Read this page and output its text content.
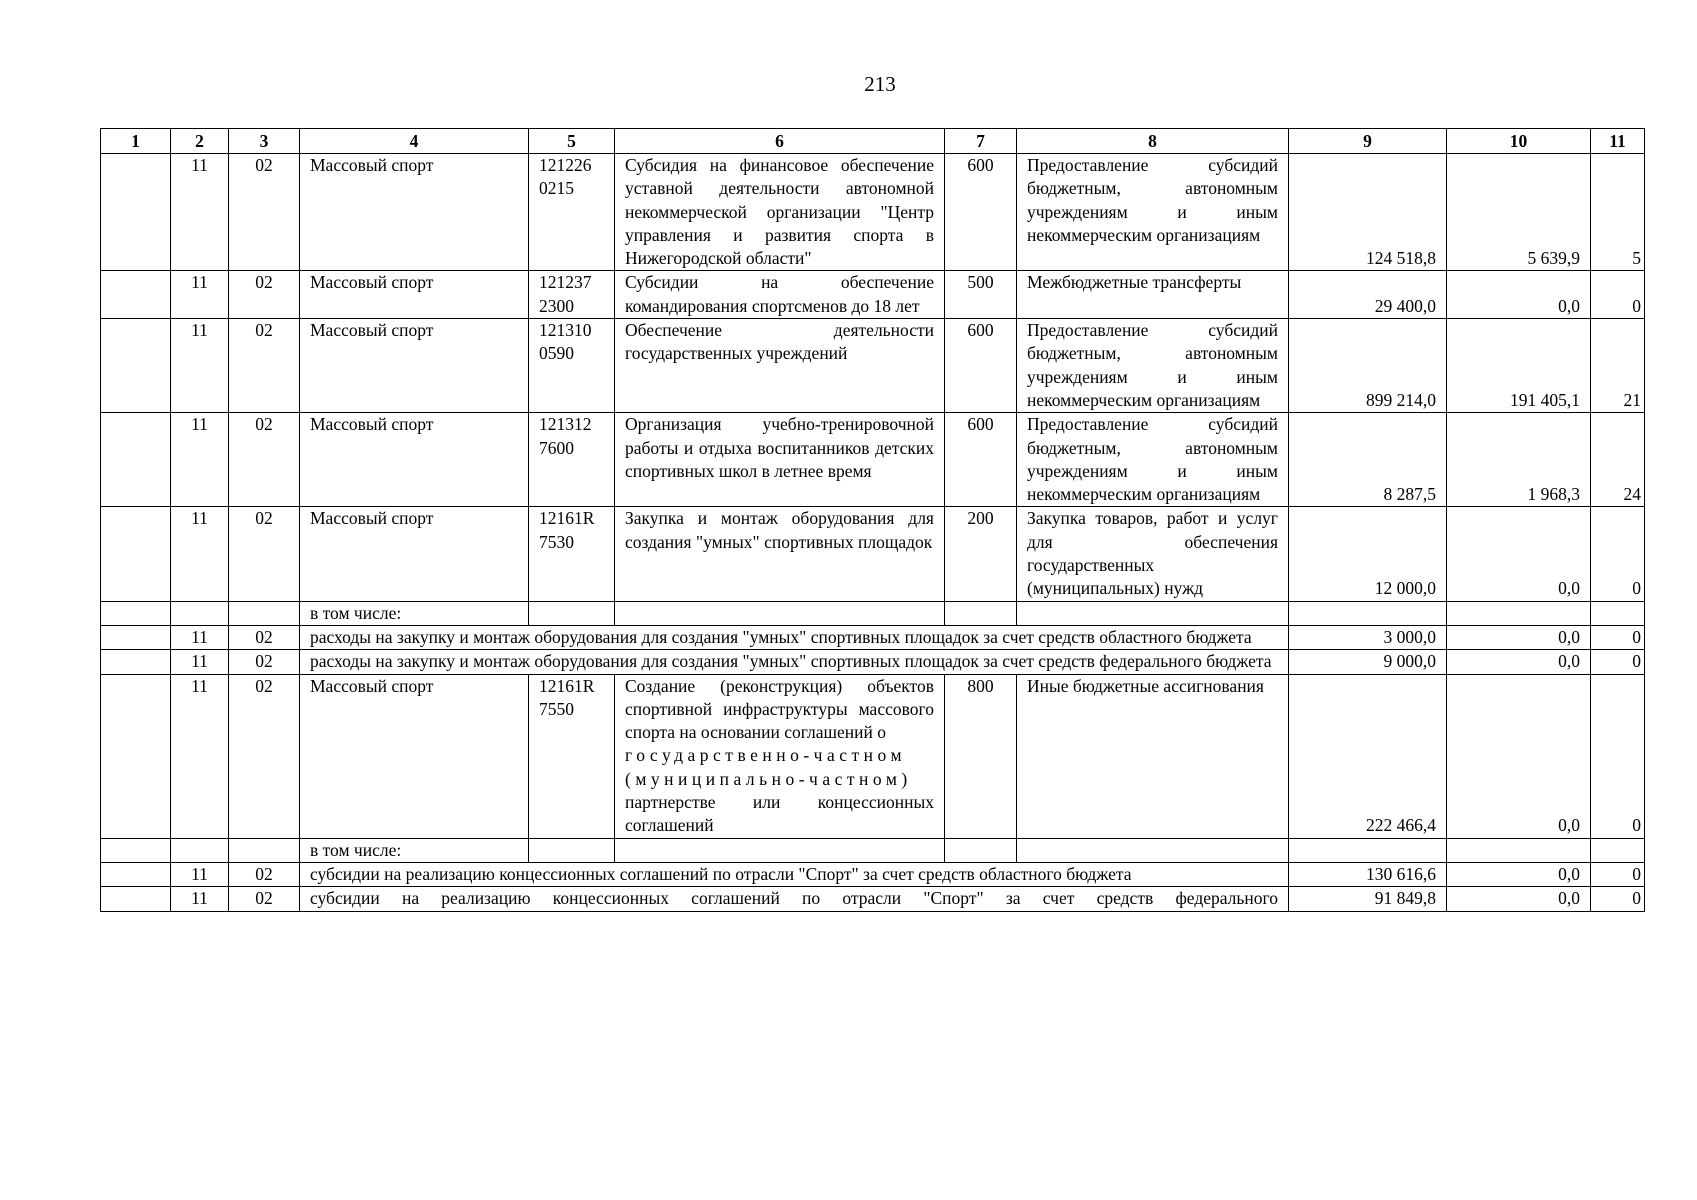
213
1	2	3	4	5	6	7	8	9	10	11
	11	02	Массовый спорт	121226 0215	Субсидия на финансовое обеспечение уставной деятельности автономной некоммерческой организации "Центр управления и развития спорта в Нижегородской области"	600	Предоставление субсидий бюджетным, автономным учреждениям и иным некоммерческим организациям	124 518,8	5 639,9	5
	11	02	Массовый спорт	121237 2300	Субсидии на обеспечение командирования спортсменов до 18 лет	500	Межбюджетные трансферты	29 400,0	0,0	0
	11	02	Массовый спорт	121310 0590	Обеспечение деятельности государственных учреждений	600	Предоставление субсидий бюджетным, автономным учреждениям и иным некоммерческим организациям	899 214,0	191 405,1	21
	11	02	Массовый спорт	121312 7600	Организация учебно-тренировочной работы и отдыха воспитанников детских спортивных школ в летнее время	600	Предоставление субсидий бюджетным, автономным учреждениям и иным некоммерческим организациям	8 287,5	1 968,3	24
	11	02	Массовый спорт	12161R 7530	Закупка и монтаж оборудования для создания "умных" спортивных площадок	200	Закупка товаров, работ и услуг для обеспечения государственных (муниципальных) нужд	12 000,0	0,0	0
			в том числе:							
	11	02	расходы на закупку и монтаж оборудования для создания "умных" спортивных площадок за счет средств областного бюджета					3 000,0	0,0	0
	11	02	расходы на закупку и монтаж оборудования для создания "умных" спортивных площадок за счет средств федерального бюджета					9 000,0	0,0	0
	11	02	Массовый спорт	12161R 7550	Создание (реконструкция) объектов спортивной инфраструктуры массового спорта на основании соглашений о
государственно-частном
(муниципально-частном)
партнерстве или концессионных соглашений	800	Иные бюджетные ассигнования	222 466,4	0,0	0
			в том числе:							
	11	02	субсидии на реализацию концессионных соглашений по отрасли "Спорт" за счет средств областного бюджета					130 616,6	0,0	0
	11	02	субсидии на реализацию концессионных соглашений по отрасли "Спорт" за счет средств федерального					91 849,8	0,0	0
